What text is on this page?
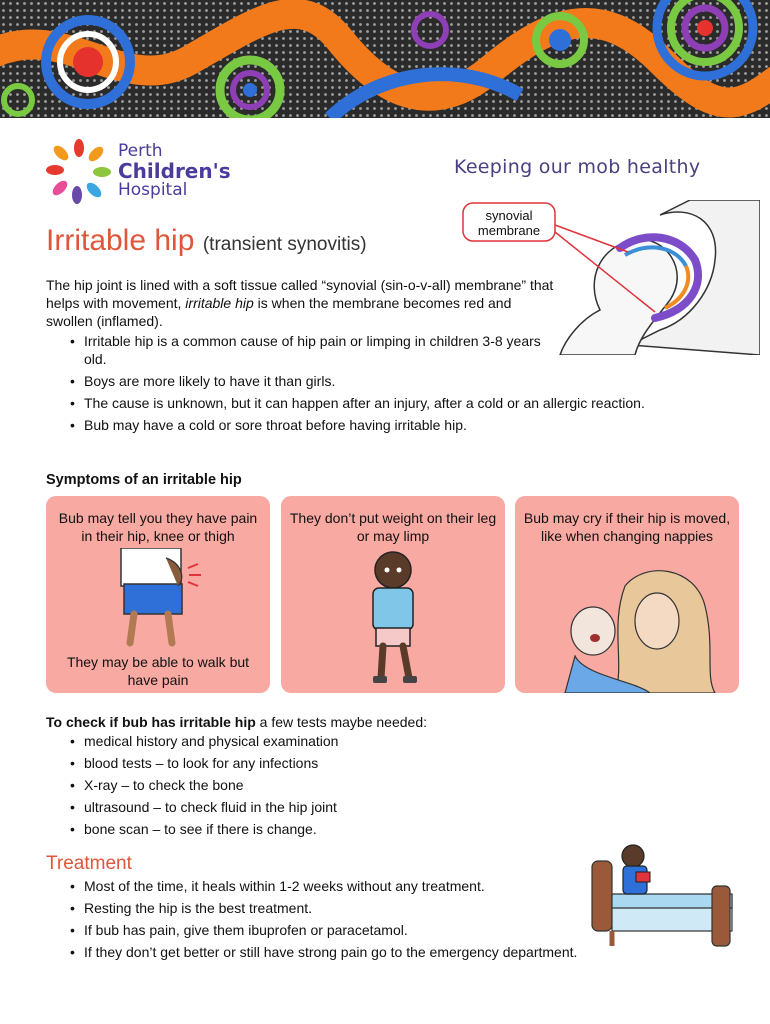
Perth
Children's
Hospital
Keeping our mob healthy
synovial
membrane
Irritable hip (transient synovitis)

The hip joint is lined with a soft tissue called “synovial (sin-o-v-all) membrane” that helps with movement, irritable hip is when the membrane becomes red and swollen (inflamed).

• Irritable hip is a common cause of hip pain or limping in children 3-8 years old.
• Boys are more likely to have it than girls.
• The cause is unknown, but it can happen after an injury, after a cold or an allergic reaction.
• Bub may have a cold or sore throat before having irritable hip.
Symptoms of an irritable hip
Bub may tell you they have pain in their hip, knee or thigh
They may be able to walk but have pain
They don’t put weight on their leg or may limp
Bub may cry if their hip is moved, like when changing nappies
To check if bub has irritable hip a few tests maybe needed:
• medical history and physical examination
• blood tests – to look for any infections
• X-ray – to check the bone
• ultrasound – to check fluid in the hip joint
• bone scan – to see if there is change.
Treatment
• Most of the time, it heals within 1-2 weeks without any treatment.
• Resting the hip is the best treatment.
• If bub has pain, give them ibuprofen or paracetamol.
• If they don’t get better or still have strong pain go to the emergency department.
